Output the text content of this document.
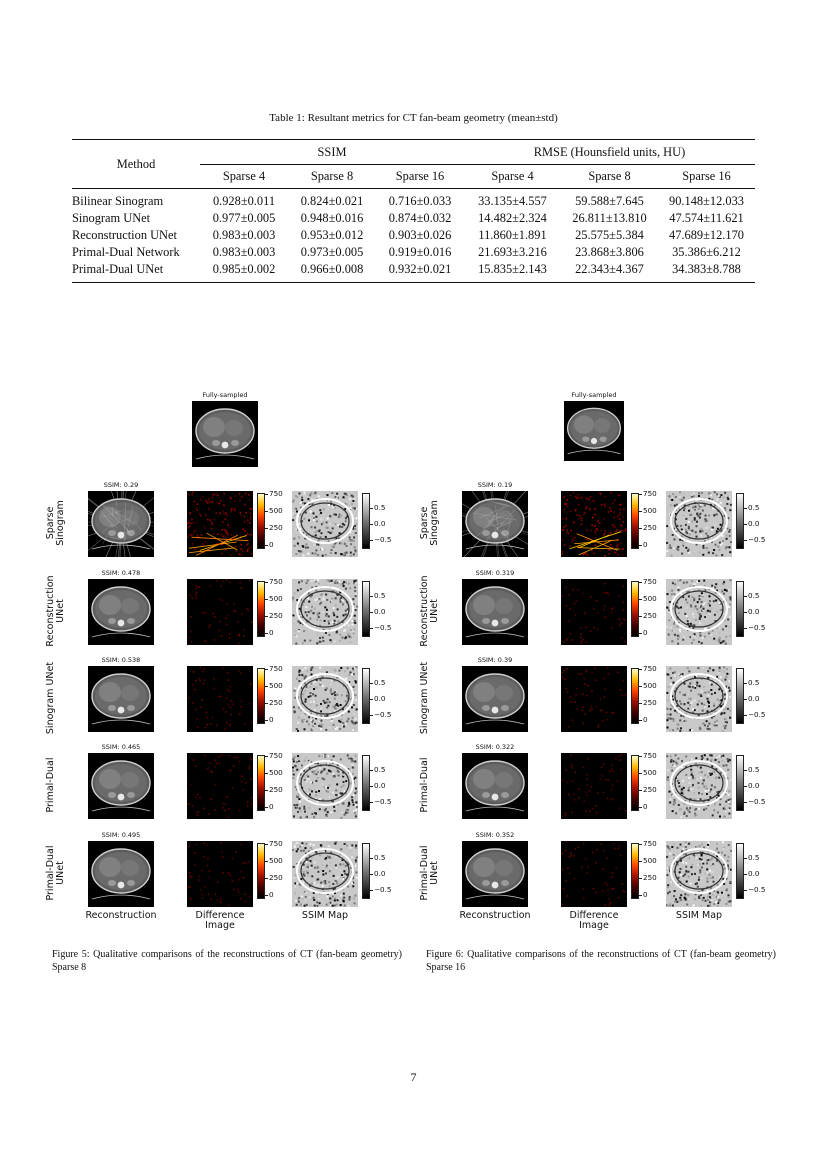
Table 1: Resultant metrics for CT fan-beam geometry (mean±std)
Method	SSIM			RMSE (Hounsfield units, HU)		
	Sparse 4	Sparse 8	Sparse 16	Sparse 4	Sparse 8	Sparse 16
Bilinear Sinogram	0.928±0.011	0.824±0.021	0.716±0.033	33.135±4.557	59.588±7.645	90.148±12.033
Sinogram UNet	0.977±0.005	0.948±0.016	0.874±0.032	14.482±2.324	26.811±13.810	47.574±11.621
Reconstruction UNet	0.983±0.003	0.953±0.012	0.903±0.026	11.860±1.891	25.575±5.384	47.689±12.170
Primal-Dual Network	0.983±0.003	0.973±0.005	0.919±0.016	21.693±3.216	23.868±3.806	35.386±6.212
Primal-Dual UNet	0.985±0.002	0.966±0.008	0.932±0.021	15.835±2.143	22.343±4.367	34.383±8.788
Fully-sampled
SSIM: 0.29
Sparse
Sinogram
750
500
250
0
0.5
0.0
−0.5
SSIM: 0.478
Reconstruction
UNet
750
500
250
0
0.5
0.0
−0.5
SSIM: 0.538
Sinogram UNet	750
500
250
0
0.5
0.0
−0.5
SSIM: 0.465
Primal-Dual
750
500
250
0
0.5
0.0
−0.5
SSIM: 0.495
Primal-Dual
UNet
750
500
250
0
0.5
0.0
−0.5
Reconstruction	Difference
Image
SSIM Map
Fully-sampled
SSIM: 0.19
Sparse
Sinogram
750
500
250
0
0.5
0.0
−0.5
SSIM: 0.319
Reconstruction
UNet
750
500
250
0
0.5
0.0
−0.5
SSIM: 0.39
Sinogram UNet	750
500
250
0
0.5
0.0
−0.5
SSIM: 0.322
Primal-Dual
750
500
250
0
0.5
0.0
−0.5
SSIM: 0.352
Primal-Dual
UNet
750
500
250
0
0.5
0.0
−0.5
Reconstruction	Difference
Image
SSIM Map
Figure 5: Qualitative comparisons of the reconstructions of CT (fan-beam geometry) Sparse 8
Figure 6: Qualitative comparisons of the reconstructions of CT (fan-beam geometry) Sparse 16
7
